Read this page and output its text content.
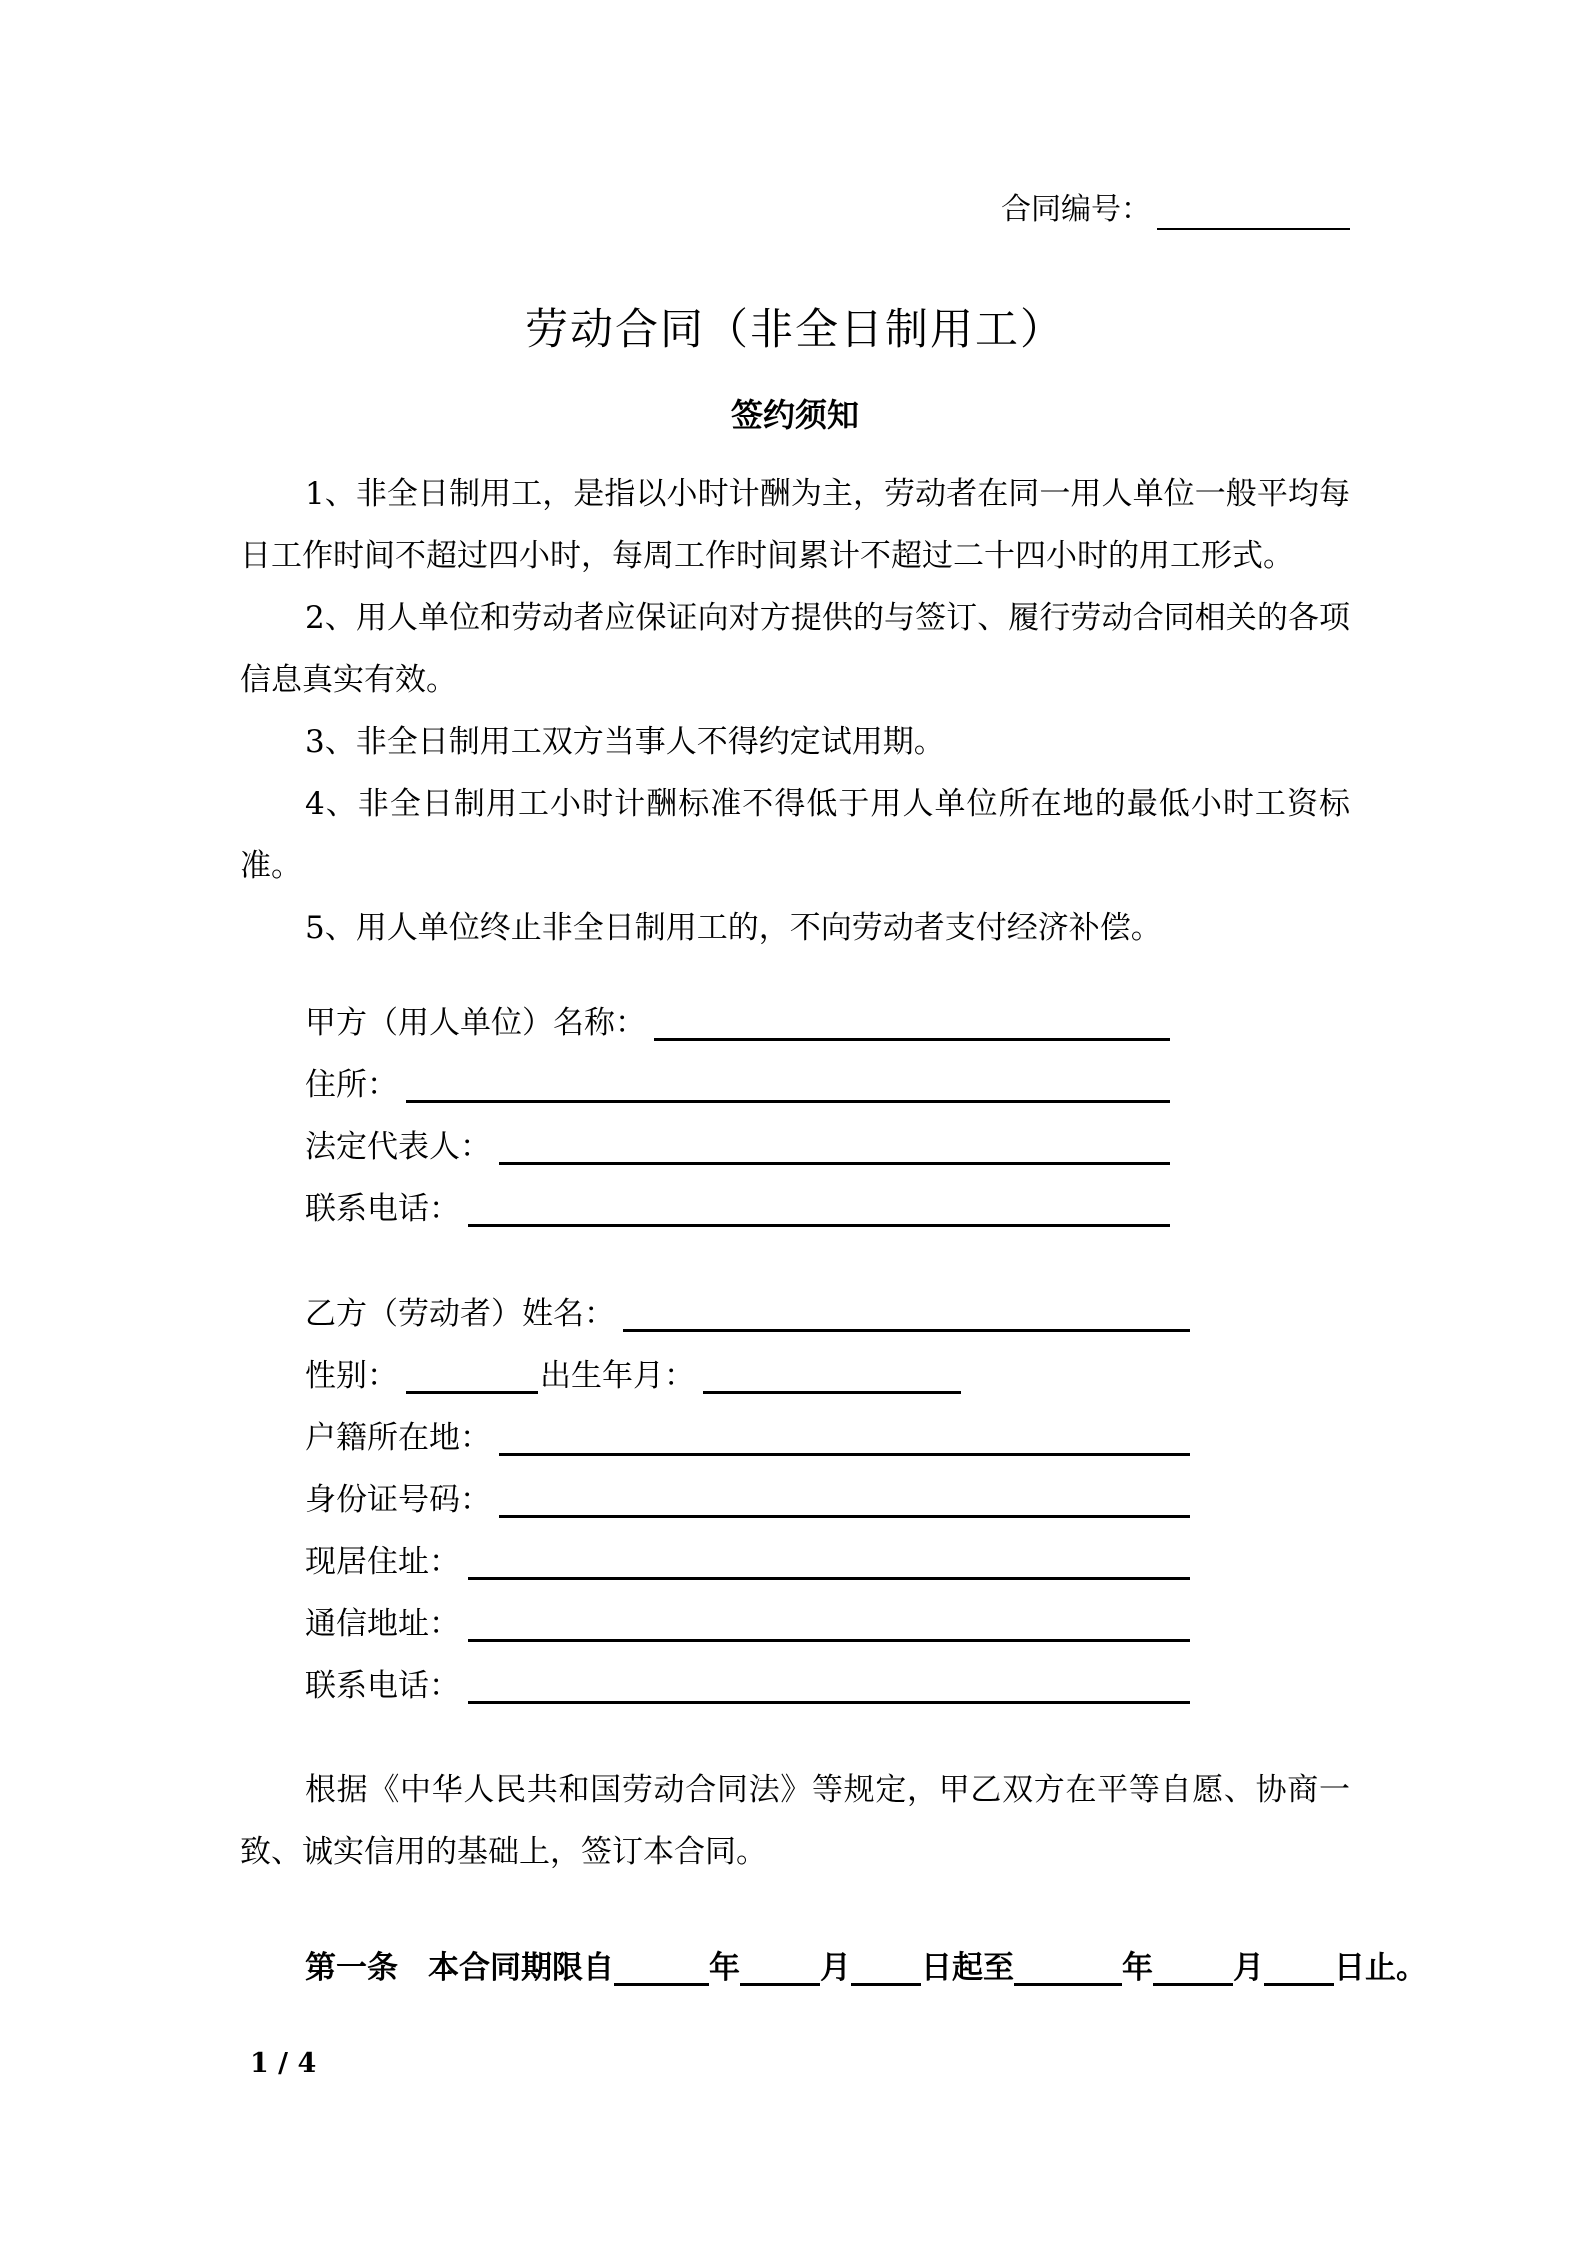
合同编号：
劳动合同（非全日制用工）
签约须知

1、非全日制用工，是指以小时计酬为主，劳动者在同一用人单位一般平均每日工作时间不超过四小时，每周工作时间累计不超过二十四小时的用工形式。

2、用人单位和劳动者应保证向对方提供的与签订、履行劳动合同相关的各项信息真实有效。

3、非全日制用工双方当事人不得约定试用期。

4、非全日制用工小时计酬标准不得低于用人单位所在地的最低小时工资标准。

5、用人单位终止非全日制用工的，不向劳动者支付经济补偿。

甲方（用人单位）名称：
住所：
法定代表人：
联系电话：
乙方（劳动者）姓名：
性别：	出生年月：
户籍所在地：
身份证号码：
现居住址：
通信地址：
联系电话：

根据《中华人民共和国劳动合同法》等规定，甲乙双方在平等自愿、协商一致、诚实信用的基础上，签订本合同。

第一条 本合同期限自	年	月 日起至	年	月 日止。

1 / 4
